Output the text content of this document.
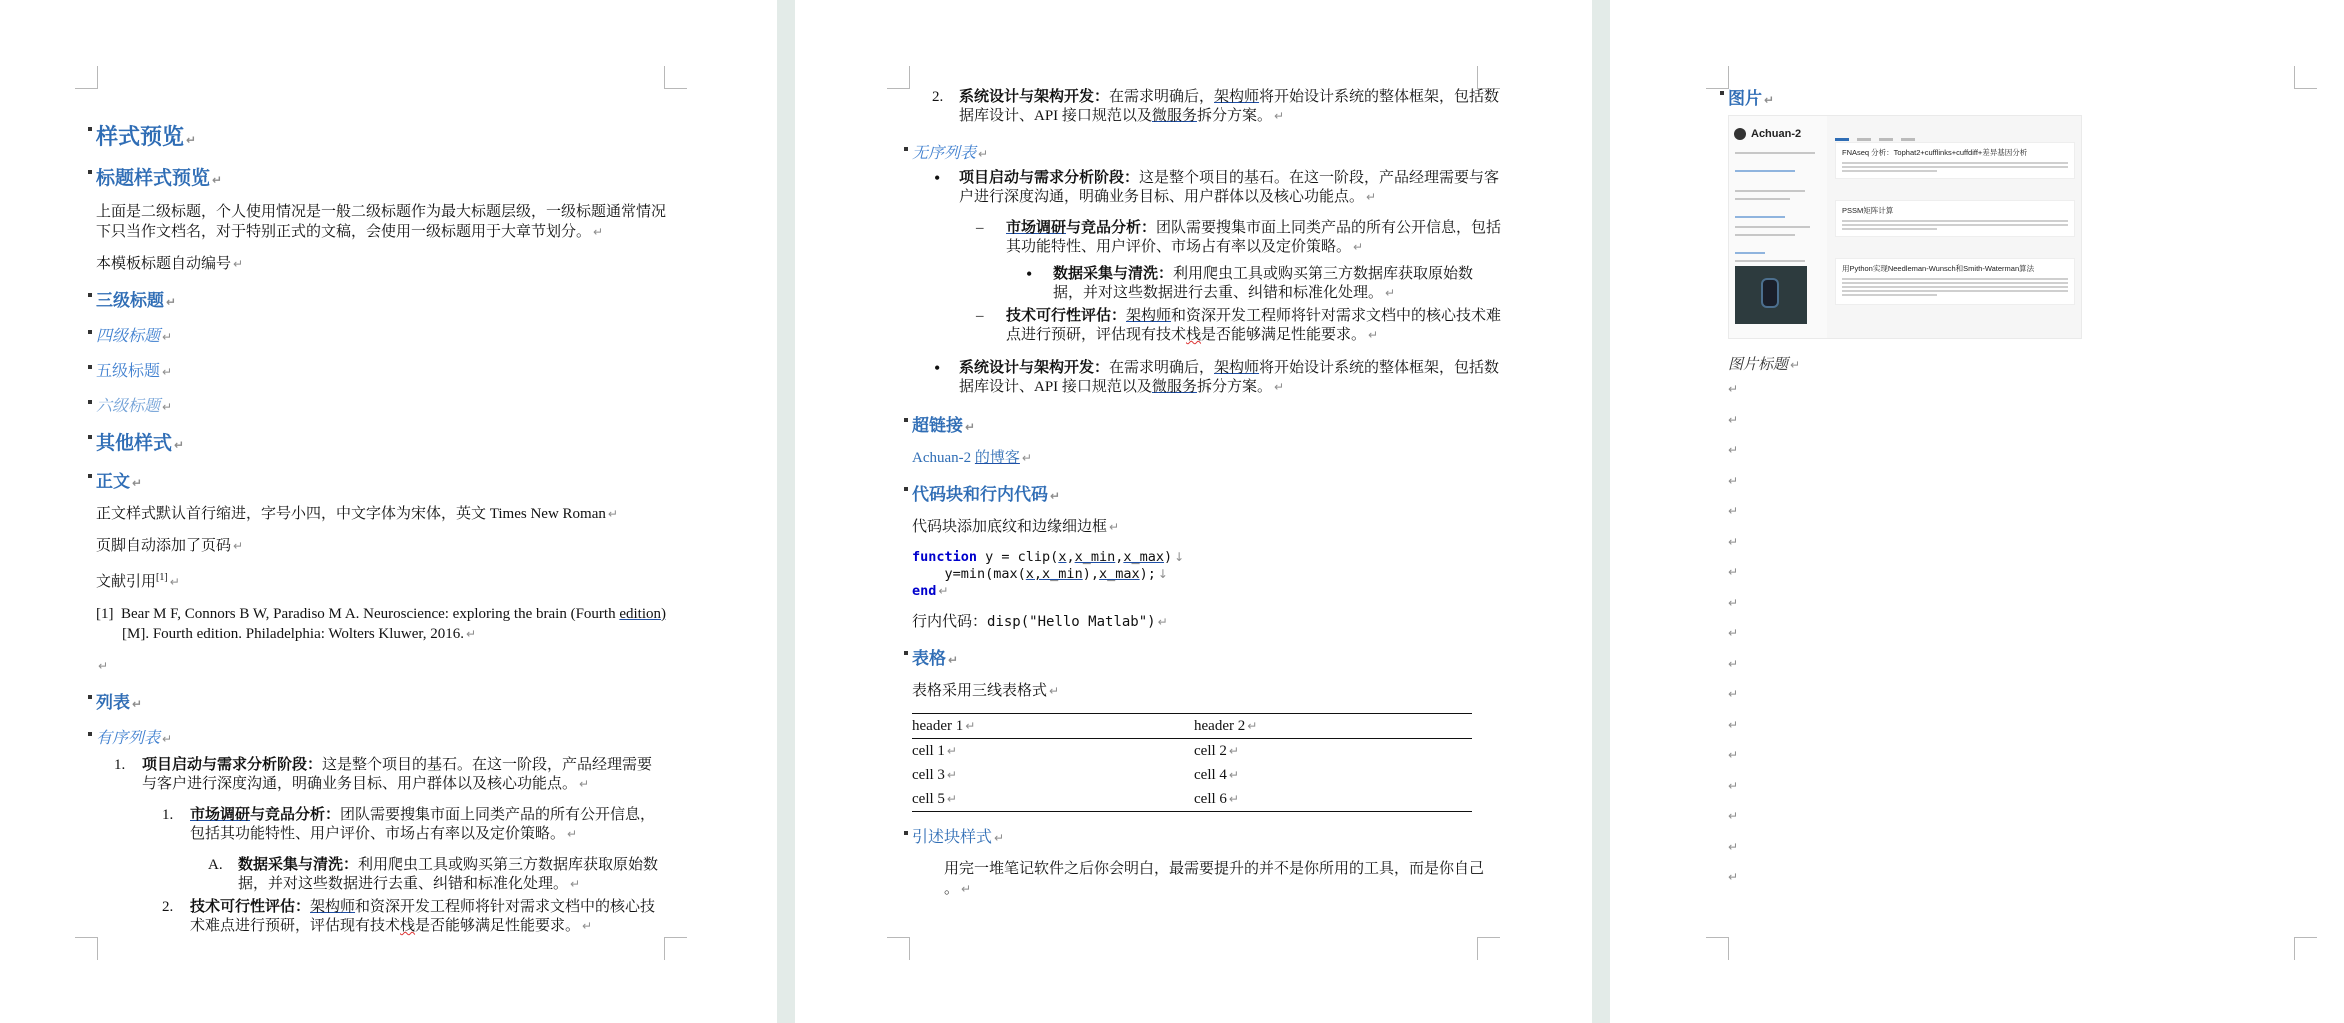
样式预览 ↵
标题样式预览 ↵
上面是二级标题，个人使用情况是一般二级标题作为最大标题层级，一级标题通常情况下只当作文档名，对于特别正式的文稿，会使用一级标题用于大章节划分。 ↵
本模板标题自动编号 ↵
三级标题 ↵
四级标题 ↵
五级标题 ↵
六级标题 ↵
其他样式 ↵
正文 ↵
正文样式默认首行缩进，字号小四，中文字体为宋体，英文 Times New Roman ↵
页脚自动添加了页码 ↵
文献引用[1] ↵
[1] Bear M F, Connors B W, Paradiso M A. Neuroscience: exploring the brain (Fourth edition)[M]. Fourth edition. Philadelphia: Wolters Kluwer, 2016. ↵
↵
列表 ↵
有序列表 ↵
1. 项目启动与需求分析阶段：这是整个项目的基石。在这一阶段，产品经理需要与客户进行深度沟通，明确业务目标、用户群体以及核心功能点。 ↵
1. 市场调研与竞品分析：团队需要搜集市面上同类产品的所有公开信息，包括其功能特性、用户评价、市场占有率以及定价策略。 ↵
A. 数据采集与清洗：利用爬虫工具或购买第三方数据库获取原始数据，并对这些数据进行去重、纠错和标准化处理。 ↵
2. 技术可行性评估：架构师和资深开发工程师将针对需求文档中的核心技术难点进行预研，评估现有技术栈是否能够满足性能要求。 ↵
2. 系统设计与架构开发：在需求明确后，架构师将开始设计系统的整体框架，包括数据库设计、API 接口规范以及微服务拆分方案。 ↵
无序列表 ↵
• 项目启动与需求分析阶段：这是整个项目的基石。在这一阶段，产品经理需要与客户进行深度沟通，明确业务目标、用户群体以及核心功能点。 ↵
– 市场调研与竞品分析：团队需要搜集市面上同类产品的所有公开信息，包括其功能特性、用户评价、市场占有率以及定价策略。 ↵
• 数据采集与清洗：利用爬虫工具或购买第三方数据库获取原始数据，并对这些数据进行去重、纠错和标准化处理。 ↵
– 技术可行性评估：架构师和资深开发工程师将针对需求文档中的核心技术难点进行预研，评估现有技术栈是否能够满足性能要求。 ↵
• 系统设计与架构开发：在需求明确后，架构师将开始设计系统的整体框架，包括数据库设计、API 接口规范以及微服务拆分方案。 ↵
超链接 ↵
Achuan-2 的博客 ↵
代码块和行内代码 ↵
代码块添加底纹和边缘细边框 ↵
function y = clip(x,x_min,x_max) ↓
y=min(max(x,x_min),x_max); ↓
end ↵
行内代码：disp("Hello Matlab") ↵
表格 ↵
表格采用三线表格式 ↵
header 1 ↵	header 2 ↵
cell 1 ↵	cell 2 ↵
cell 3 ↵	cell 4 ↵
cell 5 ↵	cell 6 ↵
引述块样式 ↵
用完一堆笔记软件之后你会明白，最需要提升的并不是你所用的工具，而是你自己 。 ↵
图片 ↵
Achuan-2
FNAseq 分析：Tophat2+cufflinks+cuffdiff+差异基因分析
PSSM矩阵计算
用Python实现Needleman-Wunsch和Smith-Waterman算法
图片标题 ↵
↵
↵
↵
↵
↵
↵
↵
↵
↵
↵
↵
↵
↵
↵
↵
↵
↵
